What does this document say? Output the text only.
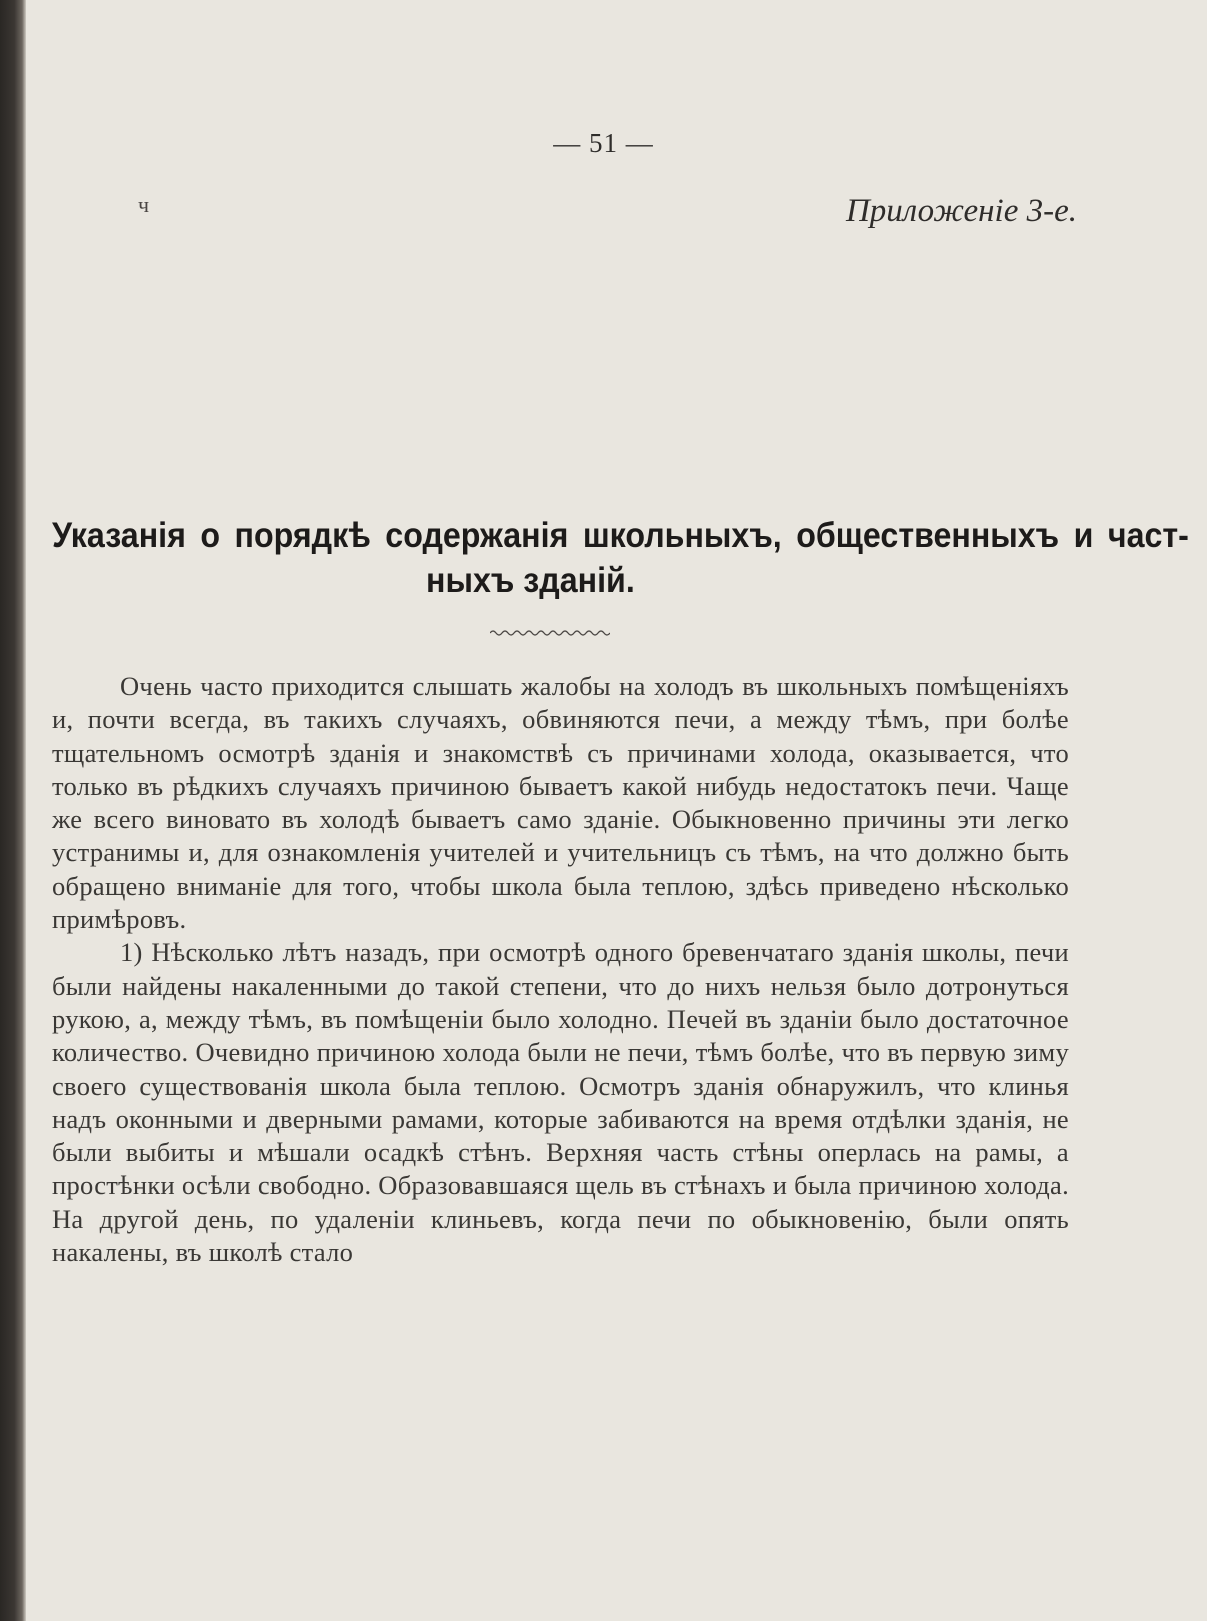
— 51 —
ч	Приложеніе 3-е.
Указанія о порядкѣ содержанія школьныхъ, общественныхъ и част-
ныхъ зданій.

Очень часто приходится слышать жалобы на холодъ въ школьныхъ помѣщеніяхъ и, почти всегда, въ такихъ случаяхъ, обвиняются печи, а между тѣмъ, при болѣе тщательномъ осмотрѣ зданія и знакомствѣ съ причинами холода, оказывается, что только въ рѣдкихъ случаяхъ причиною бываетъ какой нибудь недостатокъ печи. Чаще же всего виновато въ холодѣ бываетъ само зданіе. Обыкновенно причины эти легко устранимы и, для ознакомленія учителей и учительницъ съ тѣмъ, на что должно быть обращено вниманіе для того, чтобы школа была теплою, здѣсь приведено нѣсколько примѣровъ.

1) Нѣсколько лѣтъ назадъ, при осмотрѣ одного бревенчатаго зданія школы, печи были найдены накаленными до такой степени, что до нихъ нельзя было дотронуться рукою, а, между тѣмъ, въ помѣщеніи было холодно. Печей въ зданіи было достаточное количество. Очевидно причиною холода были не печи, тѣмъ болѣе, что въ первую зиму своего существованія школа была теплою. Осмотръ зданія обнаружилъ, что клинья надъ оконными и дверными рамами, которые забиваются на время отдѣлки зданія, не были выбиты и мѣшали осадкѣ стѣнъ. Верхняя часть стѣны оперлась на рамы, а простѣнки осѣли свободно. Образовавшаяся щель въ стѣнахъ и была причиною холода. На другой день, по удаленіи клиньевъ, когда печи по обыкновенію, были опять накалены, въ школѣ стало
